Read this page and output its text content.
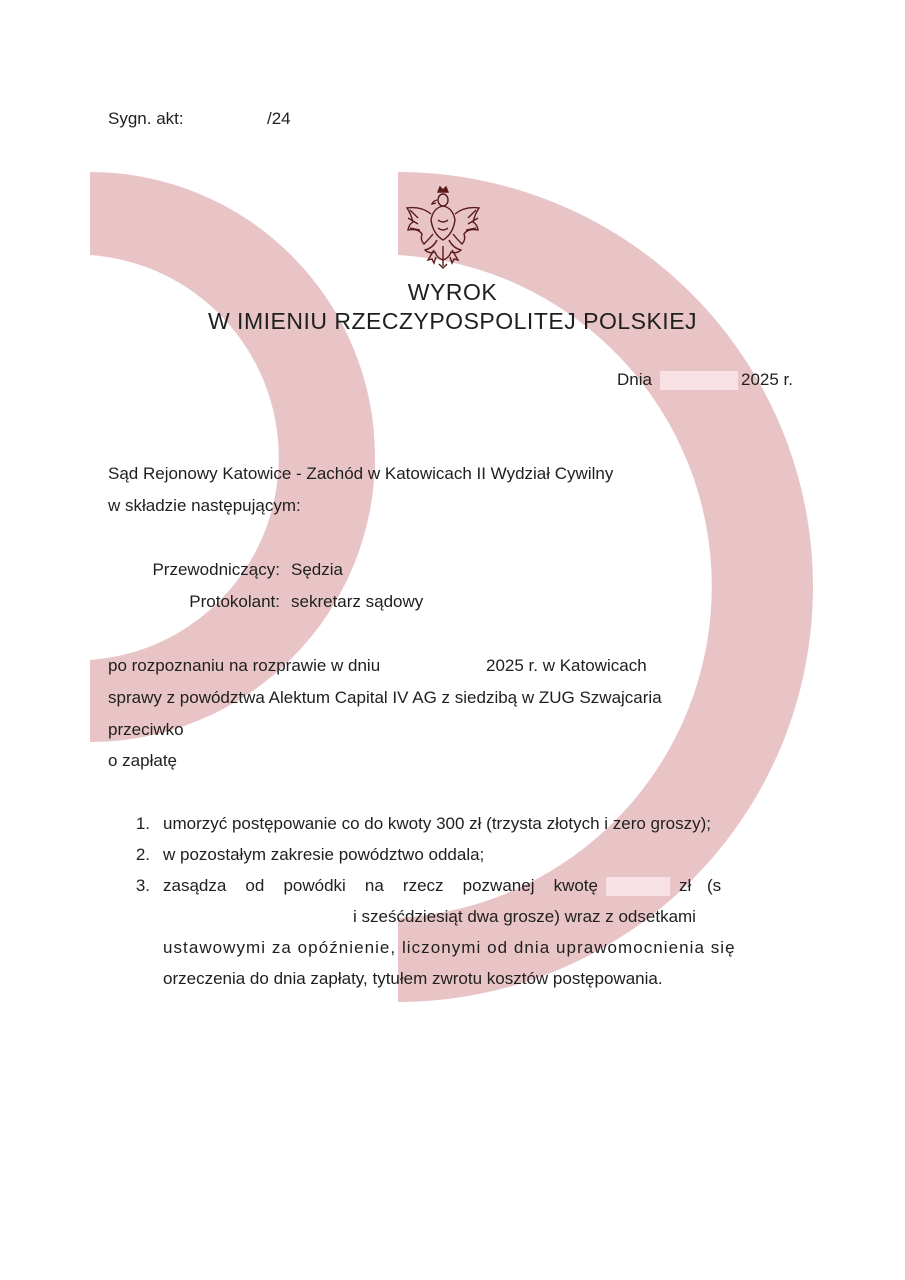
Sygn. akt:	/24
WYROK
W IMIENIU RZECZYPOSPOLITEJ POLSKIEJ
Dnia	2025 r.
Sąd Rejonowy Katowice - Zachód w Katowicach II Wydział Cywilny
w składzie następującym:
Przewodniczący: Sędzia
Protokolant: sekretarz sądowy
po rozpoznaniu na rozprawie w dniu	2025 r. w Katowicach
sprawy z powództwa Alektum Capital IV AG z siedzibą w ZUG Szwajcaria
przeciwko
o zapłatę
1. umorzyć postępowanie co do kwoty 300 zł (trzysta złotych i zero groszy);
2. w pozostałym zakresie powództwo oddala;
3. zasądza od powódki na rzecz pozwanej kwotę	zł (s
i sześćdziesiąt dwa grosze) wraz z odsetkami
ustawowymi za opóźnienie, liczonymi od dnia uprawomocnienia się
orzeczenia do dnia zapłaty, tytułem zwrotu kosztów postępowania.
